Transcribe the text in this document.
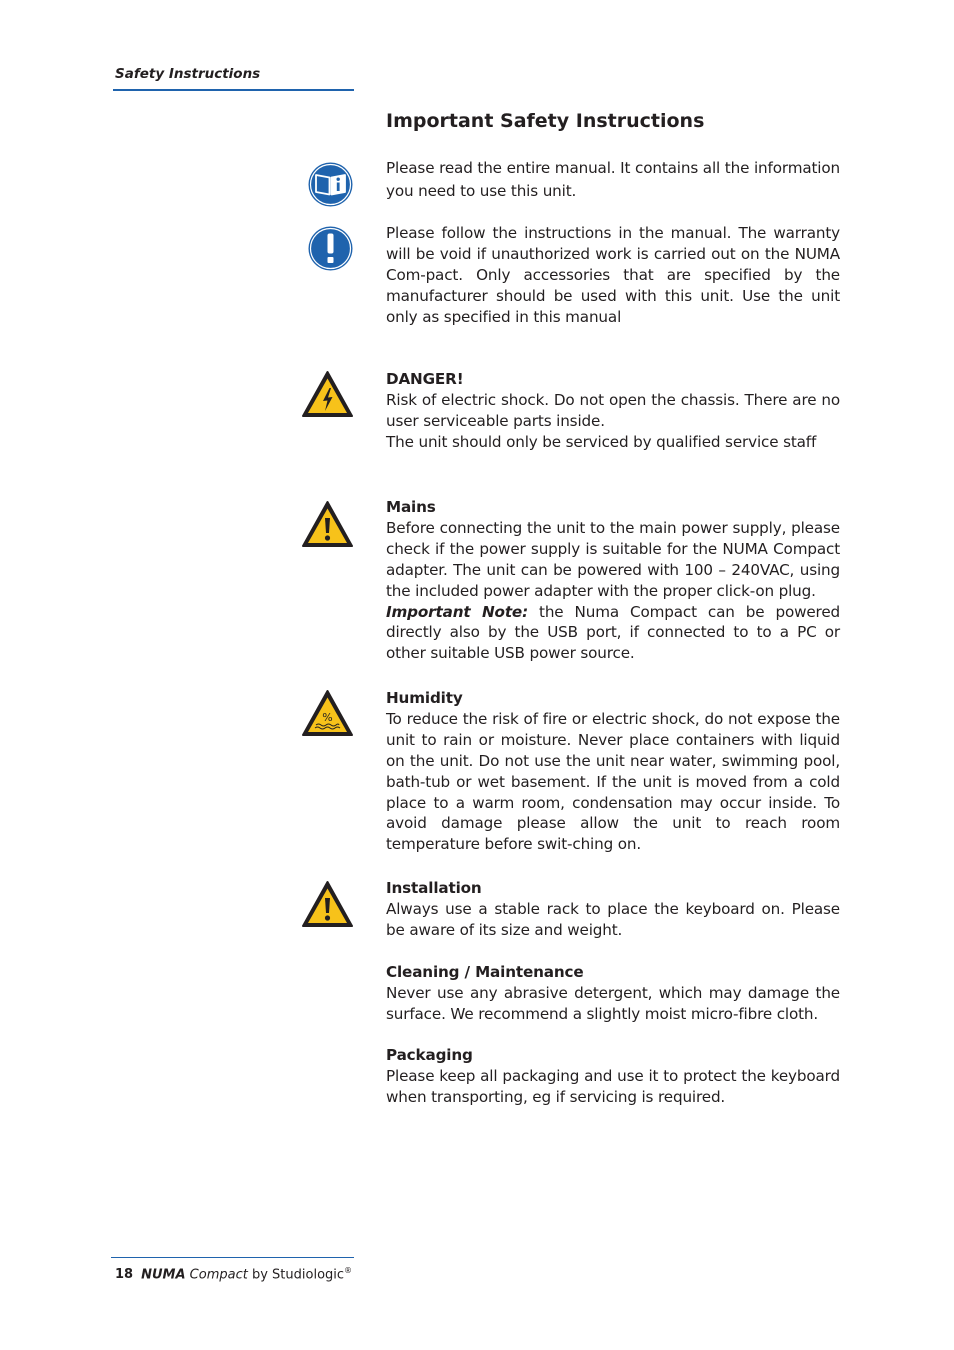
Safety Instructions
Important Safety Instructions
%

Please read the entire manual. It contains all the information you need to use this unit.

Please follow the instructions in the manual. The warranty will be void if unauthorized work is carried out on the NUMA Com-pact. Only accessories that are specified by the manufacturer should be used with this unit. Use the unit only as specified in this manual

DANGER!

Risk of electric shock. Do not open the chassis. There are no user serviceable parts inside.

The unit should only be serviced by qualified service staff

Mains

Before connecting the unit to the main power supply, please check if the power supply is suitable for the NUMA Compact adapter. The unit can be powered with 100 – 240VAC, using the included power adapter with the proper click-on plug.

Important Note: the Numa Compact can be powered directly also by the USB port, if connected to to a PC or other suitable USB power source.

Humidity

To reduce the risk of fire or electric shock, do not expose the unit to rain or moisture. Never place containers with liquid on the unit. Do not use the unit near water, swimming pool, bath-tub or wet basement. If the unit is moved from a cold place to a warm room, condensation may occur inside. To avoid damage please allow the unit to reach room temperature before swit-ching on.

Installation

Always use a stable rack to place the keyboard on. Please be aware of its size and weight.

Cleaning / Maintenance

Never use any abrasive detergent, which may damage the surface. We recommend a slightly moist micro-fibre cloth.

Packaging

Please keep all packaging and use it to protect the keyboard when transporting, eg if servicing is required.

18 NUMA Compact by Studiologic®
